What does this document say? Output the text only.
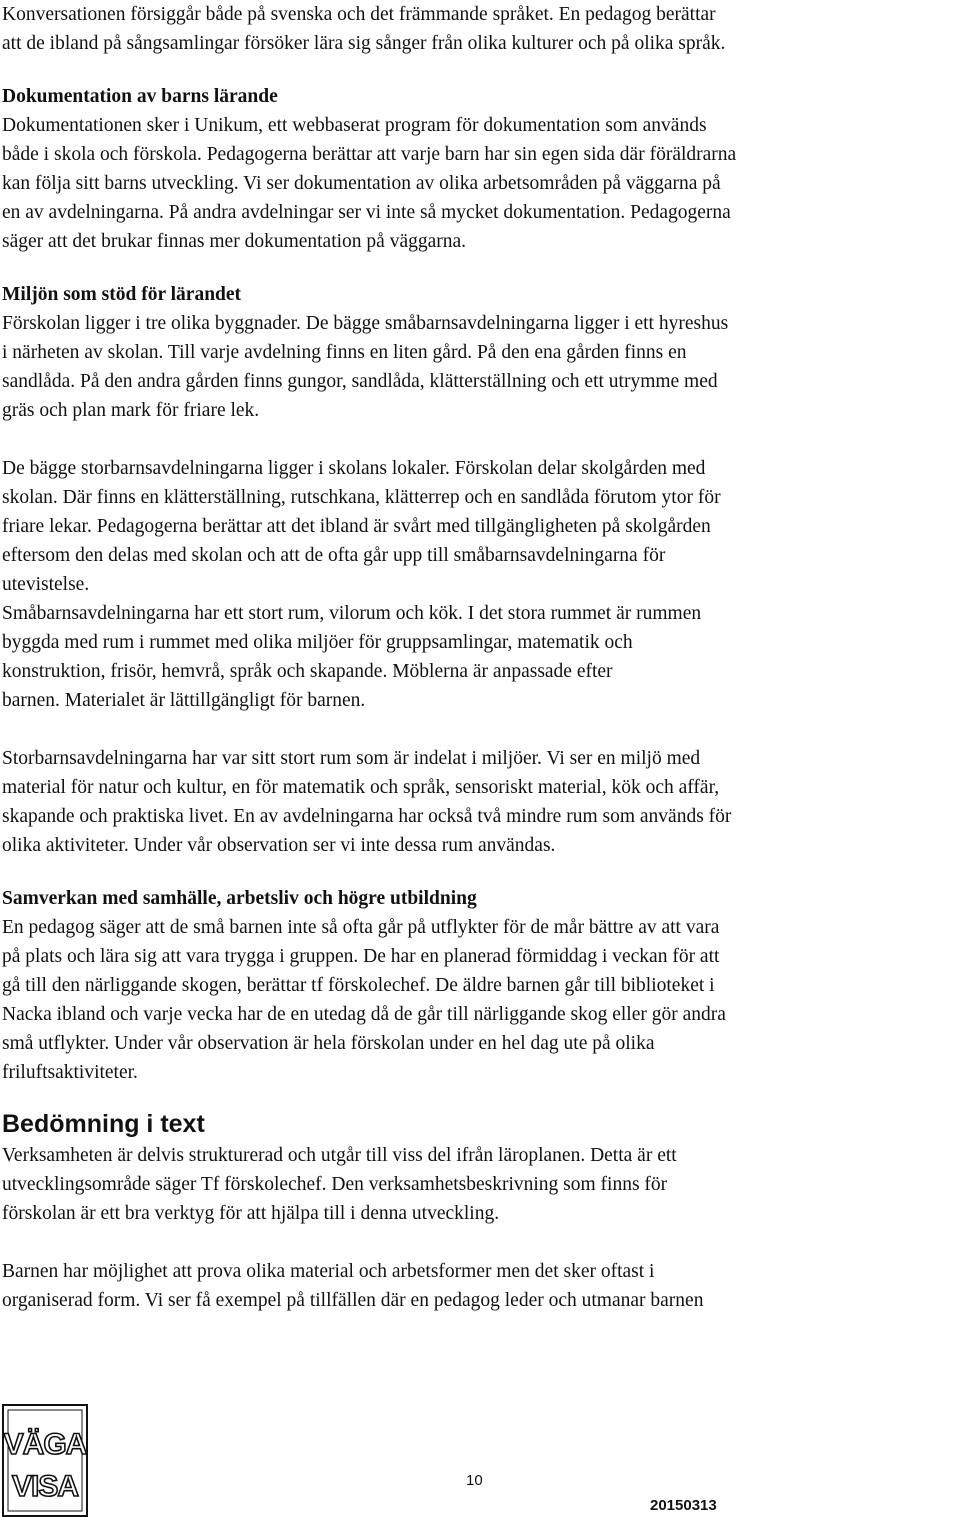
Konversationen försiggår både på svenska och det främmande språket. En pedagog berättar
att de ibland på sångsamlingar försöker lära sig sånger från olika kulturer och på olika språk.

Dokumentation av barns lärande

Dokumentationen sker i Unikum, ett webbaserat program för dokumentation som används
både i skola och förskola. Pedagogerna berättar att varje barn har sin egen sida där föräldrarna
kan följa sitt barns utveckling. Vi ser dokumentation av olika arbetsområden på väggarna på
en av avdelningarna. På andra avdelningar ser vi inte så mycket dokumentation. Pedagogerna
säger att det brukar finnas mer dokumentation på väggarna.

Miljön som stöd för lärandet

Förskolan ligger i tre olika byggnader. De bägge småbarnsavdelningarna ligger i ett hyreshus
i närheten av skolan. Till varje avdelning finns en liten gård. På den ena gården finns en
sandlåda. På den andra gården finns gungor, sandlåda, klätterställning och ett utrymme med
gräs och plan mark för friare lek.

De bägge storbarnsavdelningarna ligger i skolans lokaler. Förskolan delar skolgården med
skolan. Där finns en klätterställning, rutschkana, klätterrep och en sandlåda förutom ytor för
friare lekar. Pedagogerna berättar att det ibland är svårt med tillgängligheten på skolgården
eftersom den delas med skolan och att de ofta går upp till småbarnsavdelningarna för
utevistelse.

Småbarnsavdelningarna har ett stort rum, vilorum och kök. I det stora rummet är rummen
byggda med rum i rummet med olika miljöer för gruppsamlingar, matematik och
konstruktion, frisör, hemvrå, språk och skapande. Möblerna är anpassade efter
barnen. Materialet är lättillgängligt för barnen.

Storbarnsavdelningarna har var sitt stort rum som är indelat i miljöer. Vi ser en miljö med
material för natur och kultur, en för matematik och språk, sensoriskt material, kök och affär,
skapande och praktiska livet. En av avdelningarna har också två mindre rum som används för
olika aktiviteter. Under vår observation ser vi inte dessa rum användas.

Samverkan med samhälle, arbetsliv och högre utbildning

En pedagog säger att de små barnen inte så ofta går på utflykter för de mår bättre av att vara
på plats och lära sig att vara trygga i gruppen. De har en planerad förmiddag i veckan för att
gå till den närliggande skogen, berättar tf förskolechef. De äldre barnen går till biblioteket i
Nacka ibland och varje vecka har de en utedag då de går till närliggande skog eller gör andra
små utflykter. Under vår observation är hela förskolan under en hel dag ute på olika
friluftsaktiviteter.

Bedömning i text

Verksamheten är delvis strukturerad och utgår till viss del ifrån läroplanen. Detta är ett
utvecklingsområde säger Tf förskolechef. Den verksamhetsbeskrivning som finns för
förskolan är ett bra verktyg för att hjälpa till i denna utveckling.

Barnen har möjlighet att prova olika material och arbetsformer men det sker oftast i
organiserad form. Vi ser få exempel på tillfällen där en pedagog leder och utmanar barnen

VÄGA
VISA	10
20150313
